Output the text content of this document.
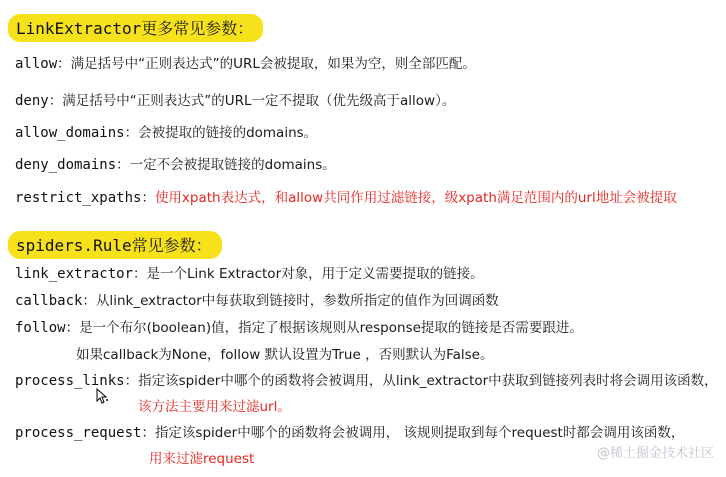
LinkExtractor更多常见参数：
allow：满足括号中“正则表达式”的URL会被提取，如果为空，则全部匹配。
deny：满足括号中“正则表达式”的URL一定不提取（优先级高于allow）。
allow_domains：会被提取的链接的domains。
deny_domains：一定不会被提取链接的domains。
restrict_xpaths：使用xpath表达式，和allow共同作用过滤链接，级xpath满足范围内的url地址会被提取
spiders.Rule常见参数：
link_extractor：是一个Link Extractor对象，用于定义需要提取的链接。
callback：从link_extractor中每获取到链接时，参数所指定的值作为回调函数
follow：是一个布尔(boolean)值，指定了根据该规则从response提取的链接是否需要跟进。
如果callback为None，follow 默认设置为True ，否则默认为False。
process_links：指定该spider中哪个的函数将会被调用，从link_extractor中获取到链接列表时将会调用该函数，
该方法主要用来过滤url。
process_request：指定该spider中哪个的函数将会被调用， 该规则提取到每个request时都会调用该函数，
用来过滤request	@稀土掘金技术社区
